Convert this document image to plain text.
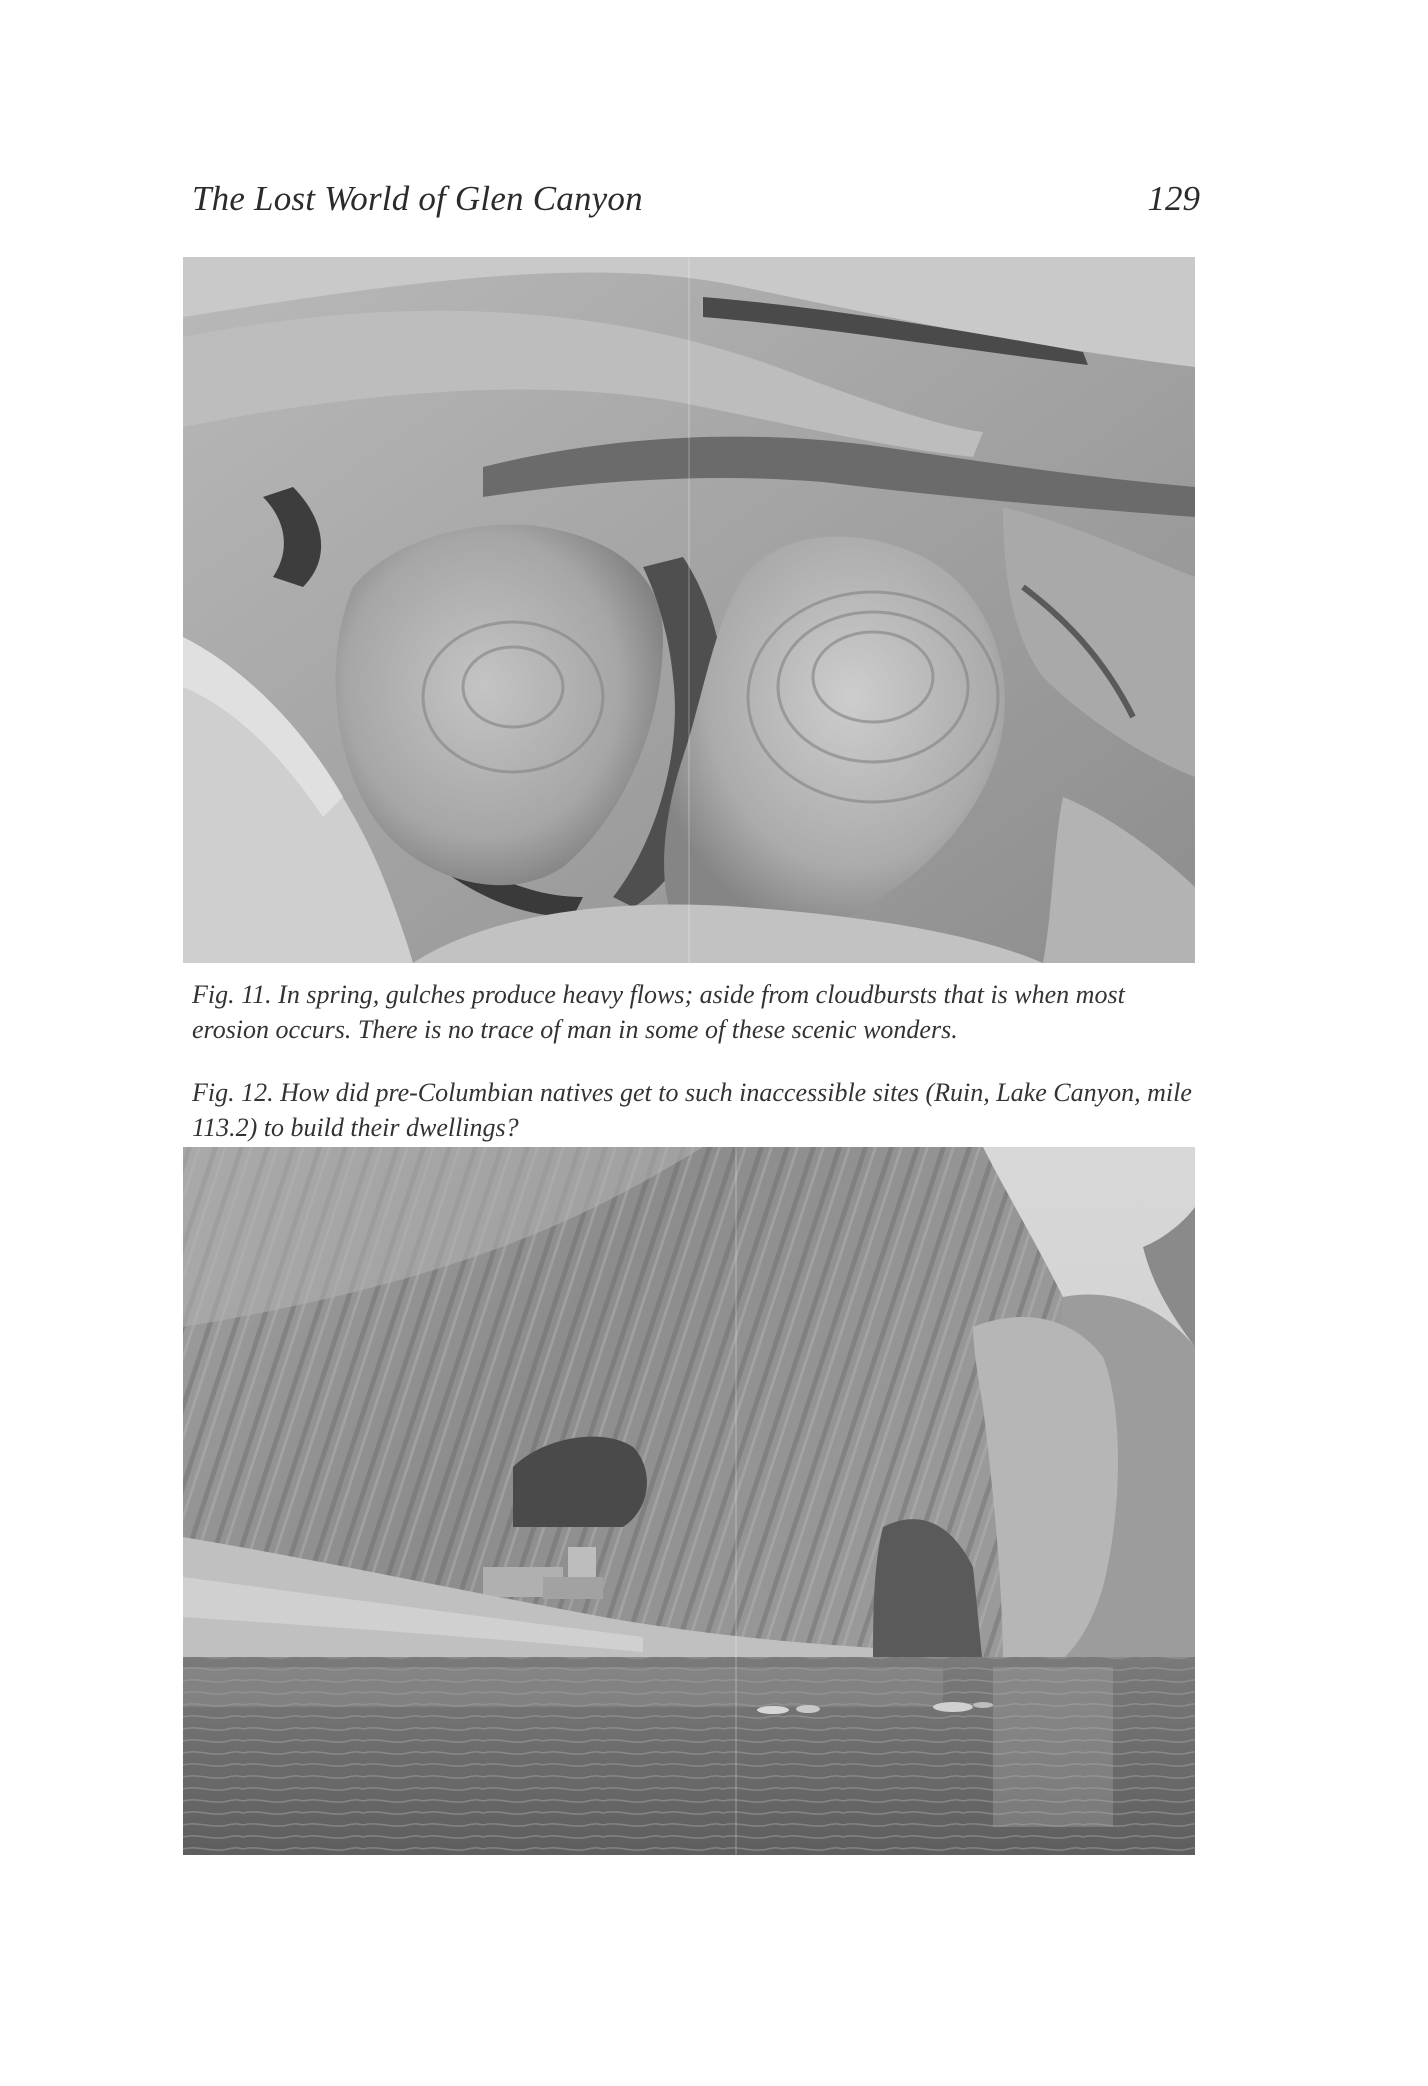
The Lost World of Glen Canyon	129
Fig. 11. In spring, gulches produce heavy flows; aside from cloudbursts that is when most erosion occurs. There is no trace of man in some of these scenic wonders.
Fig. 12. How did pre-Columbian natives get to such inaccessible sites (Ruin, Lake Canyon, mile 113.2) to build their dwellings?
